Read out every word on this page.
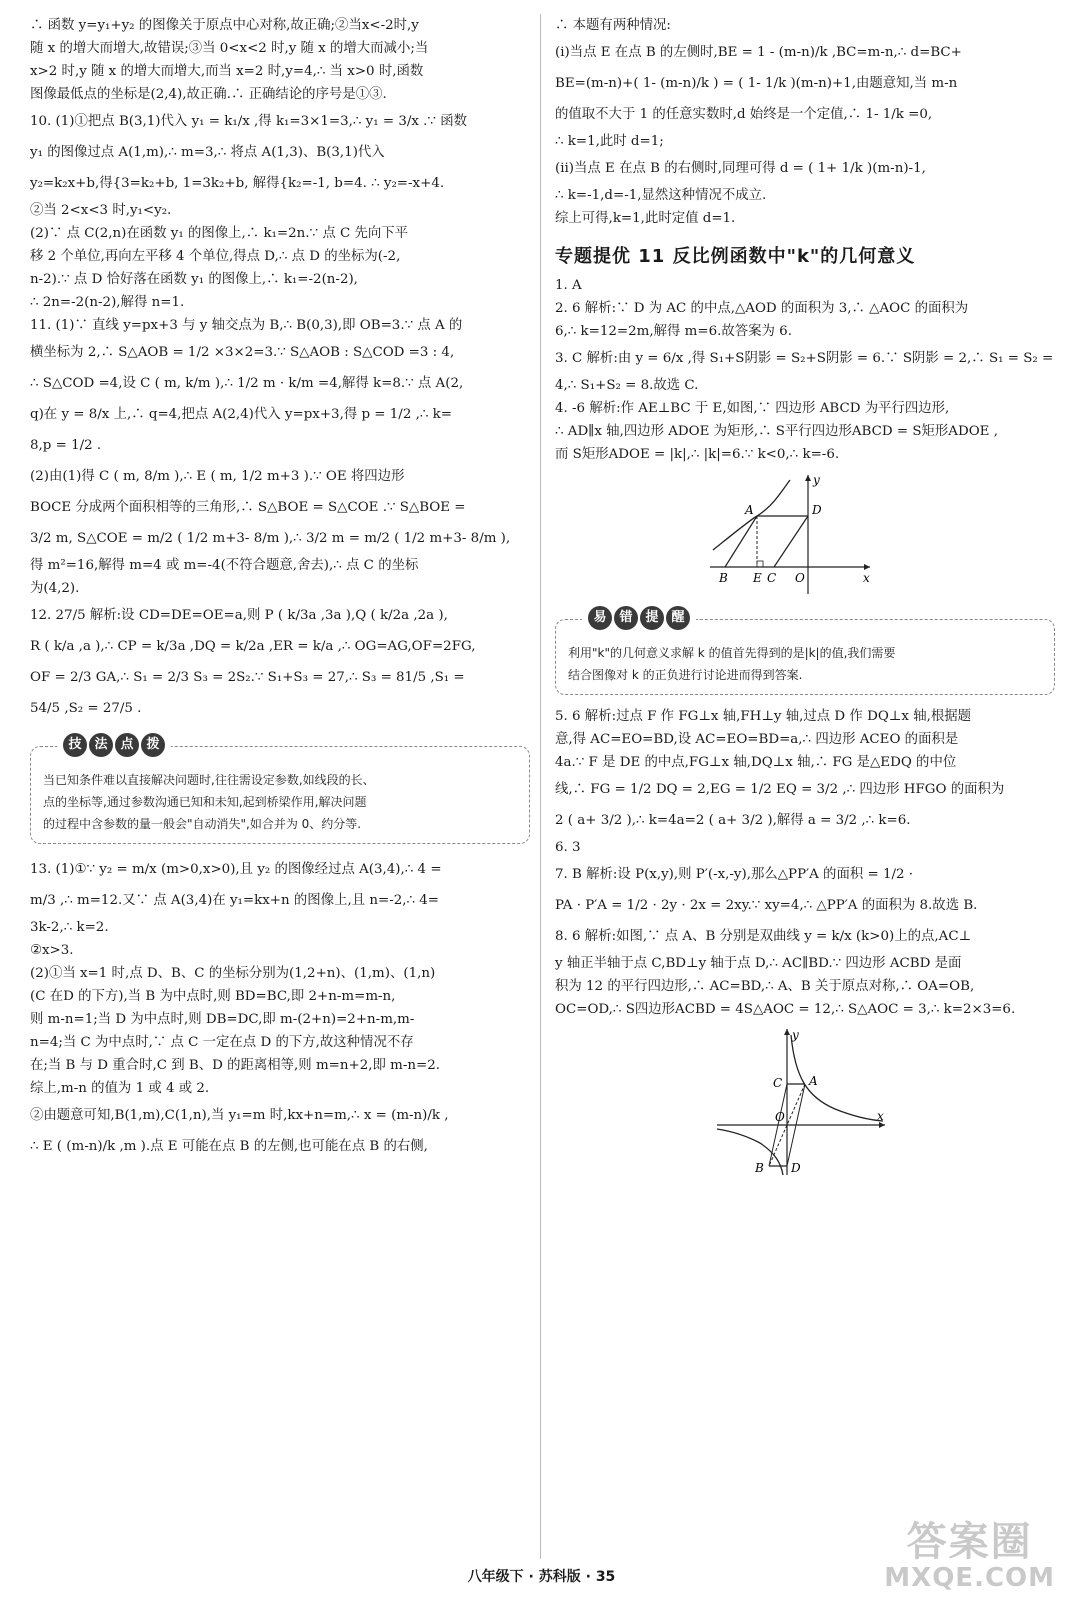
∴ 函数 y=y₁+y₂ 的图像关于原点中心对称,故正确;②当x<-2时,y

随 x 的增大而增大,故错误;③当 0<x<2 时,y 随 x 的增大而减小;当

x>2 时,y 随 x 的增大而增大,而当 x=2 时,y=4,∴ 当 x>0 时,函数

图像最低点的坐标是(2,4),故正确.∴ 正确结论的序号是①③.

10. (1)①把点 B(3,1)代入 y₁ = k₁/x ,得 k₁=3×1=3,∴ y₁ = 3/x .∵ 函数

y₁ 的图像过点 A(1,m),∴ m=3,∴ 将点 A(1,3)、B(3,1)代入

y₂=k₂x+b,得{3=k₂+b, 1=3k₂+b, 解得{k₂=-1, b=4. ∴ y₂=-x+4.

②当 2<x<3 时,y₁<y₂.

(2)∵ 点 C(2,n)在函数 y₁ 的图像上,∴ k₁=2n.∵ 点 C 先向下平

移 2 个单位,再向左平移 4 个单位,得点 D,∴ 点 D 的坐标为(-2,

n-2).∵ 点 D 恰好落在函数 y₁ 的图像上,∴ k₁=-2(n-2),

∴ 2n=-2(n-2),解得 n=1.

11. (1)∵ 直线 y=px+3 与 y 轴交点为 B,∴ B(0,3),即 OB=3.∵ 点 A 的

横坐标为 2,∴ S△AOB = 1/2 ×3×2=3.∵ S△AOB : S△COD =3 : 4,

∴ S△COD =4,设 C ( m, k/m ),∴ 1/2 m · k/m =4,解得 k=8.∵ 点 A(2,

q)在 y = 8/x 上,∴ q=4,把点 A(2,4)代入 y=px+3,得 p = 1/2 ,∴ k=

8,p = 1/2 .

(2)由(1)得 C ( m, 8/m ),∴ E ( m, 1/2 m+3 ).∵ OE 将四边形

BOCE 分成两个面积相等的三角形,∴ S△BOE = S△COE .∵ S△BOE =

3/2 m, S△COE = m/2 ( 1/2 m+3- 8/m ),∴ 3/2 m = m/2 ( 1/2 m+3- 8/m ),

得 m²=16,解得 m=4 或 m=-4(不符合题意,舍去),∴ 点 C 的坐标

为(4,2).

12. 27/5 解析:设 CD=DE=OE=a,则 P ( k/3a ,3a ),Q ( k/2a ,2a ),

R ( k/a ,a ),∴ CP = k/3a ,DQ = k/2a ,ER = k/a ,∴ OG=AG,OF=2FG,

OF = 2/3 GA,∴ S₁ = 2/3 S₃ = 2S₂.∵ S₁+S₃ = 27,∴ S₃ = 81/5 ,S₁ =

54/5 ,S₂ = 27/5 .

技 法 点 拨
当已知条件难以直接解决问题时,往往需设定参数,如线段的长、
点的坐标等,通过参数沟通已知和未知,起到桥梁作用,解决问题
的过程中含参数的量一般会"自动消失",如合并为 0、约分等.

13. (1)①∵ y₂ = m/x (m>0,x>0),且 y₂ 的图像经过点 A(3,4),∴ 4 =

m/3 ,∴ m=12.又∵ 点 A(3,4)在 y₁=kx+n 的图像上,且 n=-2,∴ 4=

3k-2,∴ k=2.

②x>3.

(2)①当 x=1 时,点 D、B、C 的坐标分别为(1,2+n)、(1,m)、(1,n)

(C 在D 的下方),当 B 为中点时,则 BD=BC,即 2+n-m=m-n,

则 m-n=1;当 D 为中点时,则 DB=DC,即 m-(2+n)=2+n-m,m-

n=4;当 C 为中点时,∵ 点 C 一定在点 D 的下方,故这种情况不存

在;当 B 与 D 重合时,C 到 B、D 的距离相等,则 m=n+2,即 m-n=2.

综上,m-n 的值为 1 或 4 或 2.

②由题意可知,B(1,m),C(1,n),当 y₁=m 时,kx+n=m,∴ x = (m-n)/k ,

∴ E ( (m-n)/k ,m ).点 E 可能在点 B 的左侧,也可能在点 B 的右侧,

∴ 本题有两种情况:

(ⅰ)当点 E 在点 B 的左侧时,BE = 1 - (m-n)/k ,BC=m-n,∴ d=BC+

BE=(m-n)+( 1- (m-n)/k ) = ( 1- 1/k )(m-n)+1,由题意知,当 m-n

的值取不大于 1 的任意实数时,d 始终是一个定值,∴ 1- 1/k =0,

∴ k=1,此时 d=1;

(ⅱ)当点 E 在点 B 的右侧时,同理可得 d = ( 1+ 1/k )(m-n)-1,

∴ k=-1,d=-1,显然这种情况不成立.

综上可得,k=1,此时定值 d=1.

专题提优 11 反比例函数中"k"的几何意义

1. A

2. 6 解析:∵ D 为 AC 的中点,△AOD 的面积为 3,∴ △AOC 的面积为

6,∴ k=12=2m,解得 m=6.故答案为 6.

3. C 解析:由 y = 6/x ,得 S₁+S阴影 = S₂+S阴影 = 6.∵ S阴影 = 2,∴ S₁ = S₂ =

4,∴ S₁+S₂ = 8.故选 C.

4. -6 解析:作 AE⊥BC 于 E,如图,∵ 四边形 ABCD 为平行四边形,

∴ AD∥x 轴,四边形 ADOE 为矩形,∴ S平行四边形ABCD = S矩形ADOE ,

而 S矩形ADOE = |k|,∴ |k|=6.∵ k<0,∴ k=-6.

A	D
B E C O	x
y
易 错 提 醒
利用"k"的几何意义求解 k 的值首先得到的是|k|的值,我们需要
结合图像对 k 的正负进行讨论进而得到答案.

5. 6 解析:过点 F 作 FG⊥x 轴,FH⊥y 轴,过点 D 作 DQ⊥x 轴,根据题

意,得 AC=EO=BD,设 AC=EO=BD=a,∴ 四边形 ACEO 的面积是

4a.∵ F 是 DE 的中点,FG⊥x 轴,DQ⊥x 轴,∴ FG 是△EDQ 的中位

线,∴ FG = 1/2 DQ = 2,EG = 1/2 EQ = 3/2 ,∴ 四边形 HFGO 的面积为

2 ( a+ 3/2 ),∴ k=4a=2 ( a+ 3/2 ),解得 a = 3/2 ,∴ k=6.

6. 3

7. B 解析:设 P(x,y),则 P′(-x,-y),那么△PP′A 的面积 = 1/2 ·

PA · P′A = 1/2 · 2y · 2x = 2xy.∵ xy=4,∴ △PP′A 的面积为 8.故选 B.

8. 6 解析:如图,∵ 点 A、B 分别是双曲线 y = k/x (k>0)上的点,AC⊥

y 轴正半轴于点 C,BD⊥y 轴于点 D,∴ AC∥BD.∵ 四边形 ACBD 是面

积为 12 的平行四边形,∴ AC=BD,∴ A、B 关于原点对称,∴ OA=OB,

OC=OD,∴ S四边形ACBD = 4S△AOC = 12,∴ S△AOC = 3,∴ k=2×3=6.

C A
O
B D
x
y
八年级下 · 苏科版 · 35
答案圈
MXQE.COM
